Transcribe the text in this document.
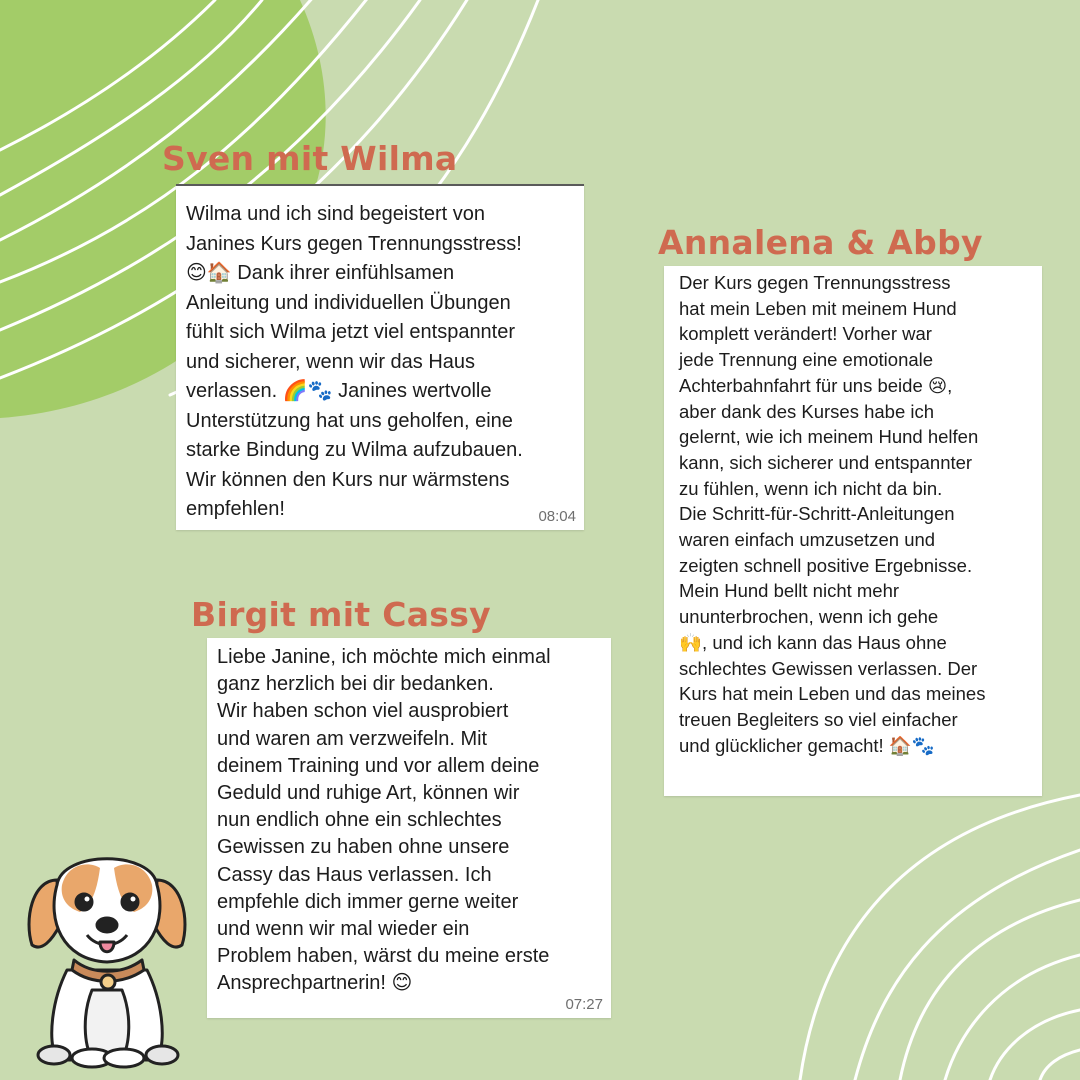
Sven mit Wilma

Wilma und ich sind begeistert von
Janines Kurs gegen Trennungsstress!
😊🏠 Dank ihrer einfühlsamen
Anleitung und individuellen Übungen
fühlt sich Wilma jetzt viel entspannter
und sicherer, wenn wir das Haus
verlassen. 🌈🐾 Janines wertvolle
Unterstützung hat uns geholfen, eine
starke Bindung zu Wilma aufzubauen.
Wir können den Kurs nur wärmstens
empfehlen!	08:04
Annalena & Abby

Der Kurs gegen Trennungsstress
hat mein Leben mit meinem Hund
komplett verändert! Vorher war
jede Trennung eine emotionale
Achterbahnfahrt für uns beide 😢,
aber dank des Kurses habe ich
gelernt, wie ich meinem Hund helfen
kann, sich sicherer und entspannter
zu fühlen, wenn ich nicht da bin.
Die Schritt-für-Schritt-Anleitungen
waren einfach umzusetzen und
zeigten schnell positive Ergebnisse.
Mein Hund bellt nicht mehr
ununterbrochen, wenn ich gehe
🙌, und ich kann das Haus ohne
schlechtes Gewissen verlassen. Der
Kurs hat mein Leben und das meines
treuen Begleiters so viel einfacher
und glücklicher gemacht! 🏠🐾

Birgit mit Cassy

Liebe Janine, ich möchte mich einmal
ganz herzlich bei dir bedanken.
Wir haben schon viel ausprobiert
und waren am verzweifeln. Mit
deinem Training und vor allem deine
Geduld und ruhige Art, können wir
nun endlich ohne ein schlechtes
Gewissen zu haben ohne unsere
Cassy das Haus verlassen. Ich
empfehle dich immer gerne weiter
und wenn wir mal wieder ein
Problem haben, wärst du meine erste
Ansprechpartnerin! 😊

07:27
